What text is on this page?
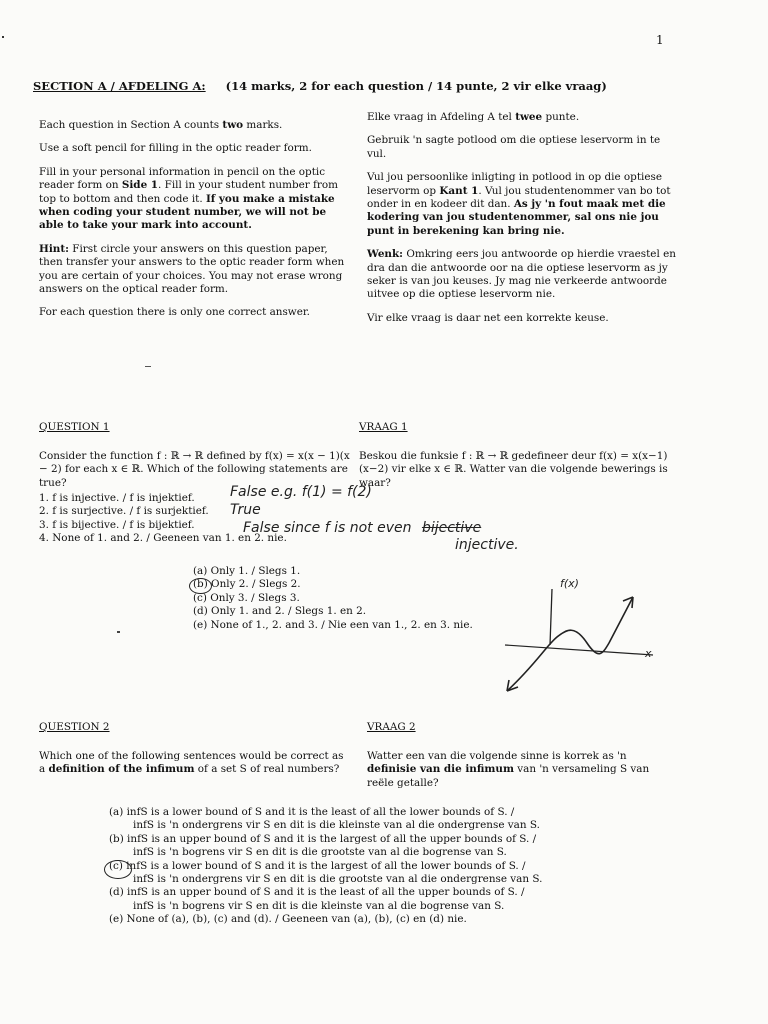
1
SECTION A / AFDELING A: (14 marks, 2 for each question / 14 punte, 2 vir elke vraag)

Each question in Section A counts two marks.

Use a soft pencil for filling in the optic reader form.

Fill in your personal information in pencil on the optic reader form on Side 1. Fill in your student number from top to bottom and then code it. If you make a mistake when coding your student number, we will not be able to take your mark into account.

Hint: First circle your answers on this question paper, then transfer your answers to the optic reader form when you are certain of your choices. You may not erase wrong answers on the optical reader form.

For each question there is only one correct answer.

Elke vraag in Afdeling A tel twee punte.

Gebruik 'n sagte potlood om die optiese leservorm in te vul.

Vul jou persoonlike inligting in potlood in op die optiese leservorm op Kant 1. Vul jou studentenommer van bo tot onder in en kodeer dit dan. As jy 'n fout maak met die kodering van jou studentenommer, sal ons nie jou punt in berekening kan bring nie.

Wenk: Omkring eers jou antwoorde op hierdie vraestel en dra dan die antwoorde oor na die optiese leservorm as jy seker is van jou keuses. Jy mag nie verkeerde antwoorde uitvee op die optiese leservorm nie.

Vir elke vraag is daar net een korrekte keuse.

QUESTION 1	VRAAG 1
Consider the function f : ℝ → ℝ defined by f(x) = x(x − 1)(x − 2) for each x ∈ ℝ. Which of the following statements are true?
Beskou die funksie f : ℝ → ℝ gedefineer deur f(x) = x(x−1)(x−2) vir elke x ∈ ℝ. Watter van die volgende bewerings is waar?
1. f is injective. / f is injektief.
2. f is surjective. / f is surjektief.
3. f is bijective. / f is bijektief.
4. None of 1. and 2. / Geeneen van 1. en 2. nie.
False e.g. f(1) = f(2)
True
False since f is not even bijective
injective.
(a) Only 1. / Slegs 1.
(b) Only 2. / Slegs 2.
(c) Only 3. / Slegs 3.
(d) Only 1. and 2. / Slegs 1. en 2.
(e) None of 1., 2. and 3. / Nie een van 1., 2. en 3. nie.
f(x)
x
QUESTION 2	VRAAG 2
Which one of the following sentences would be correct as a definition of the infimum of a set S of real numbers?
Watter een van die volgende sinne is korrek as 'n definisie van die infimum van 'n versameling S van reële getalle?
(a) infS is a lower bound of S and it is the least of all the lower bounds of S. /
infS is 'n ondergrens vir S en dit is die kleinste van al die ondergrense van S.
(b) infS is an upper bound of S and it is the largest of all the upper bounds of S. /
infS is 'n bogrens vir S en dit is die grootste van al die bogrense van S.
(c) infS is a lower bound of S and it is the largest of all the lower bounds of S. /
infS is 'n ondergrens vir S en dit is die grootste van al die ondergrense van S.
(d) infS is an upper bound of S and it is the least of all the upper bounds of S. /
infS is 'n bogrens vir S en dit is die kleinste van al die bogrense van S.
(e) None of (a), (b), (c) and (d). / Geeneen van (a), (b), (c) en (d) nie.
